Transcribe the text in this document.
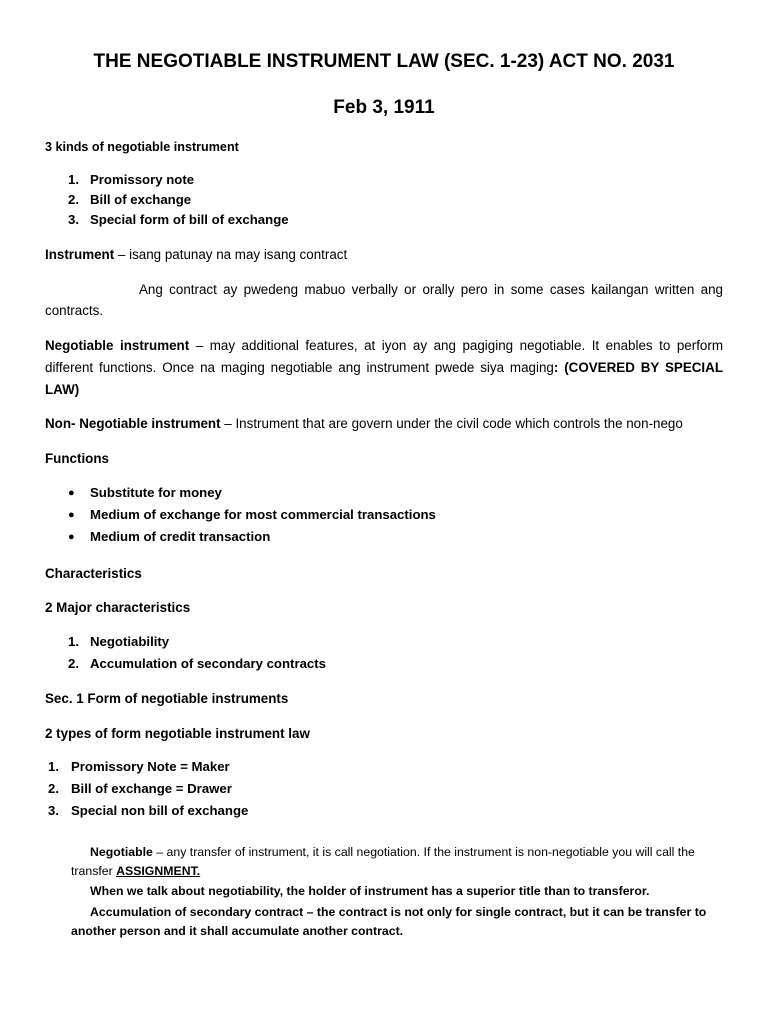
THE NEGOTIABLE INSTRUMENT LAW (SEC. 1-23) ACT NO. 2031
Feb 3, 1911

3 kinds of negotiable instrument

1. Promissory note
2. Bill of exchange
3. Special form of bill of exchange

Instrument – isang patunay na may isang contract

Ang contract ay pwedeng mabuo verbally or orally pero in some cases kailangan written ang

contracts.

Negotiable instrument – may additional features, at iyon ay ang pagiging negotiable. It enables to perform

different functions. Once na maging negotiable ang instrument pwede siya maging: (COVERED BY SPECIAL

LAW)

Non- Negotiable instrument – Instrument that are govern under the civil code which controls the non-nego

Functions

● Substitute for money
● Medium of exchange for most commercial transactions
● Medium of credit transaction

Characteristics

2 Major characteristics

1. Negotiability
2. Accumulation of secondary contracts

Sec. 1 Form of negotiable instruments

2 types of form negotiable instrument law

1. Promissory Note = Maker
2. Bill of exchange = Drawer
3. Special non bill of exchange
Negotiable – any transfer of instrument, it is call negotiation. If the instrument is non-negotiable you will call the
transfer ASSIGNMENT.
When we talk about negotiability, the holder of instrument has a superior title than to transferor.
Accumulation of secondary contract – the contract is not only for single contract, but it can be transfer to
another person and it shall accumulate another contract.
